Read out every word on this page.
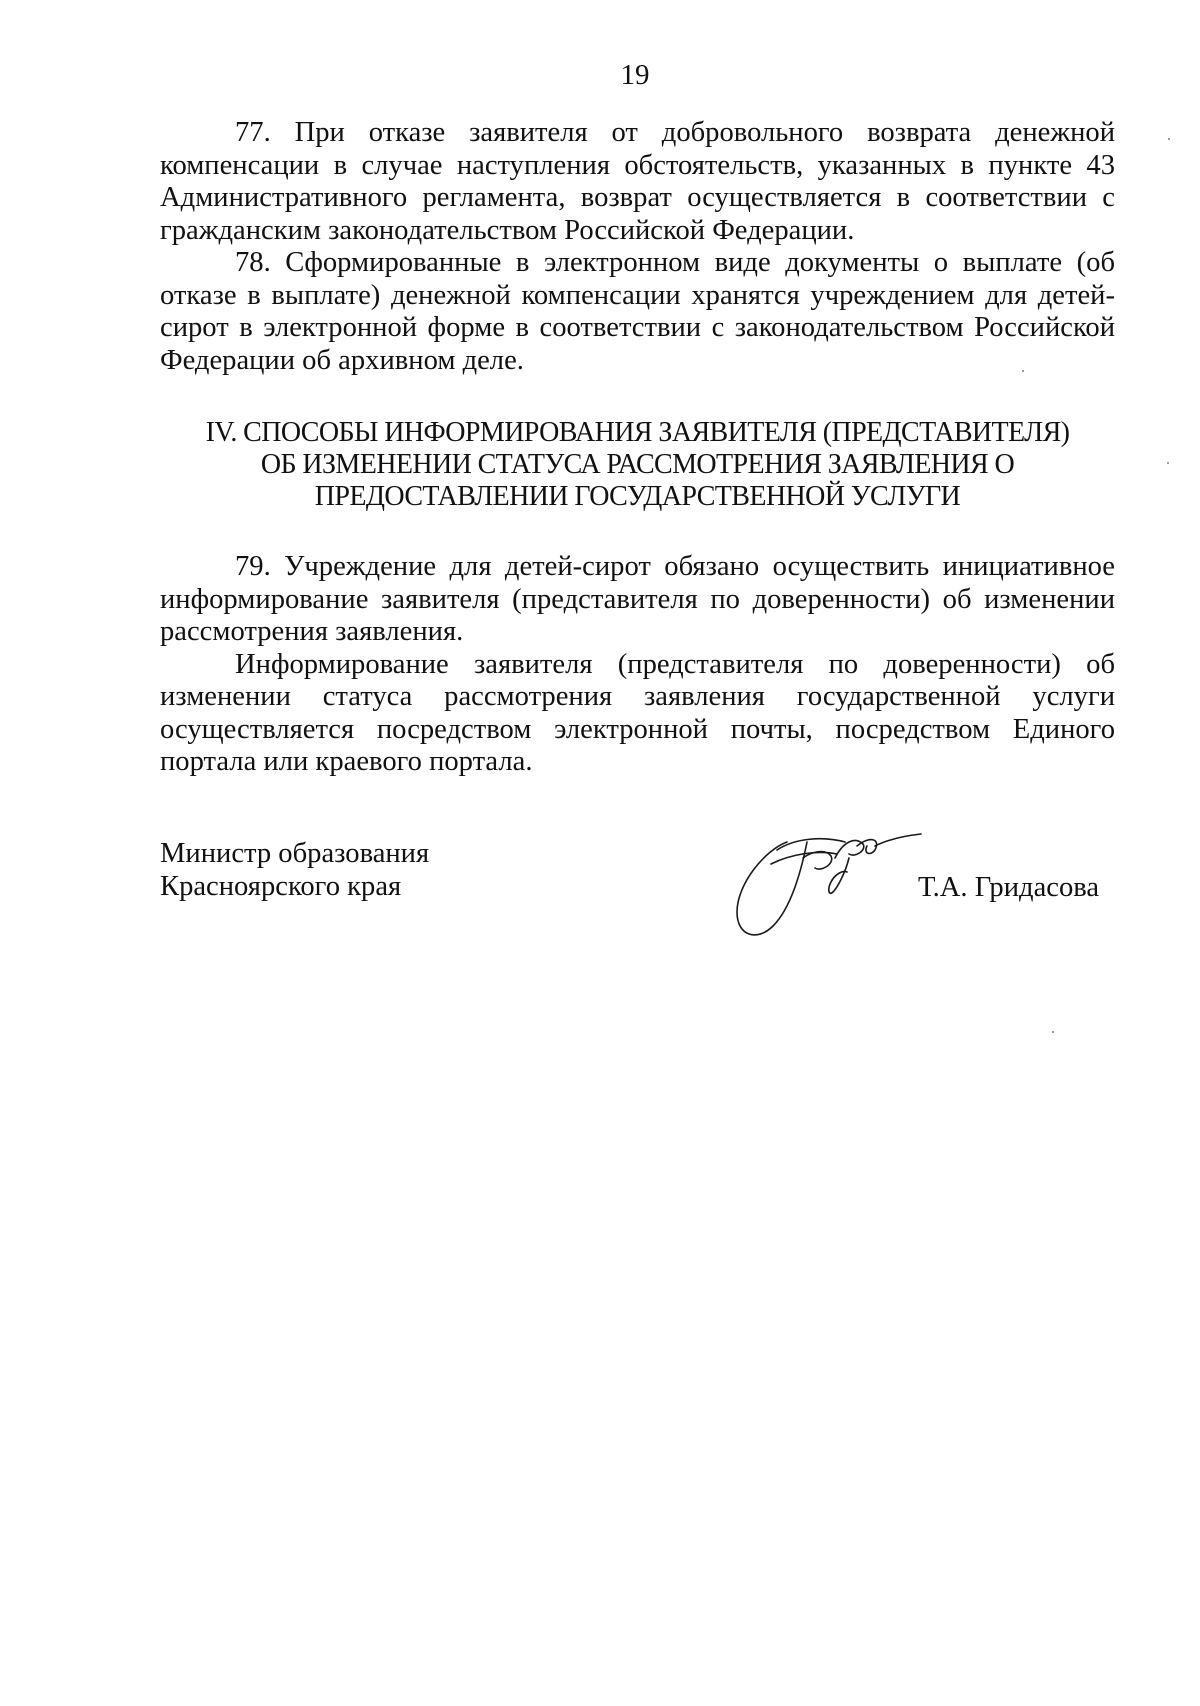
19

77. При отказе заявителя от добровольного возврата денежной компенсации в случае наступления обстоятельств, указанных в пункте 43 Административного регламента, возврат осуществляется в соответствии с гражданским законодательством Российской Федерации.

78. Сформированные в электронном виде документы о выплате (об отказе в выплате) денежной компенсации хранятся учреждением для детей-сирот в электронной форме в соответствии с законодательством Российской Федерации об архивном деле.

IV. СПОСОБЫ ИНФОРМИРОВАНИЯ ЗАЯВИТЕЛЯ (ПРЕДСТАВИТЕЛЯ)
ОБ ИЗМЕНЕНИИ СТАТУСА РАССМОТРЕНИЯ ЗАЯВЛЕНИЯ О
ПРЕДОСТАВЛЕНИИ ГОСУДАРСТВЕННОЙ УСЛУГИ

79. Учреждение для детей-сирот обязано осуществить инициативное информирование заявителя (представителя по доверенности) об изменении рассмотрения заявления.

Информирование заявителя (представителя по доверенности) об изменении статуса рассмотрения заявления государственной услуги осуществляется посредством электронной почты, посредством Единого портала или краевого портала.

Министр образования
Красноярского края	Т.А. Гридасова
